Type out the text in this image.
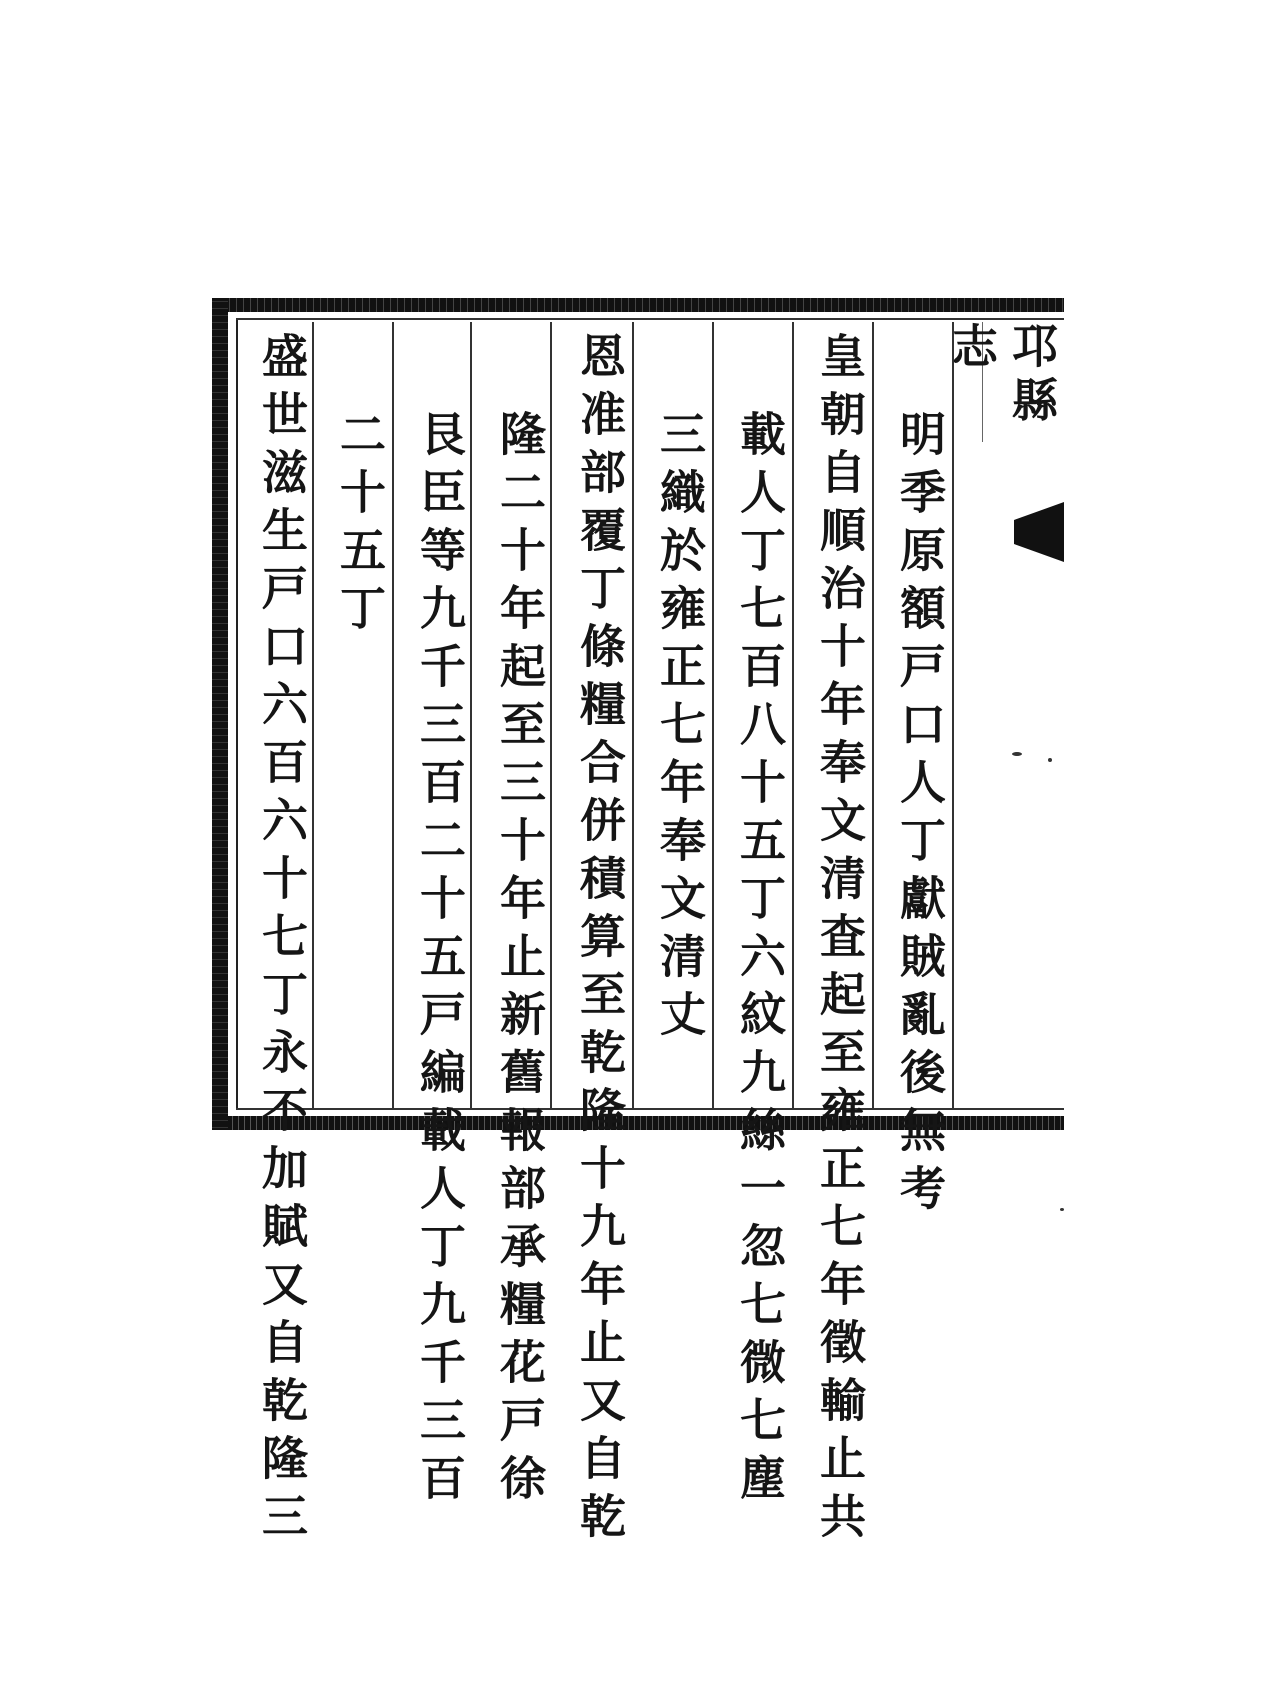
邛縣志
明季原額戸口人丁獻賊亂後無考
皇朝自順治十年奉文清査起至雍正七年徵輸止共
載人丁七百八十五丁六紋九絲一忽七微七塵
三織於雍正七年奉文清丈
恩准部覆丁條糧合併積算至乾隆十九年止又自乾
隆二十年起至三十年止新舊報部承糧花戸徐
艮臣等九千三百二十五戸編載人丁九千三百
二十五丁
盛世滋生戸口六百六十七丁永不加賦又自乾隆三
